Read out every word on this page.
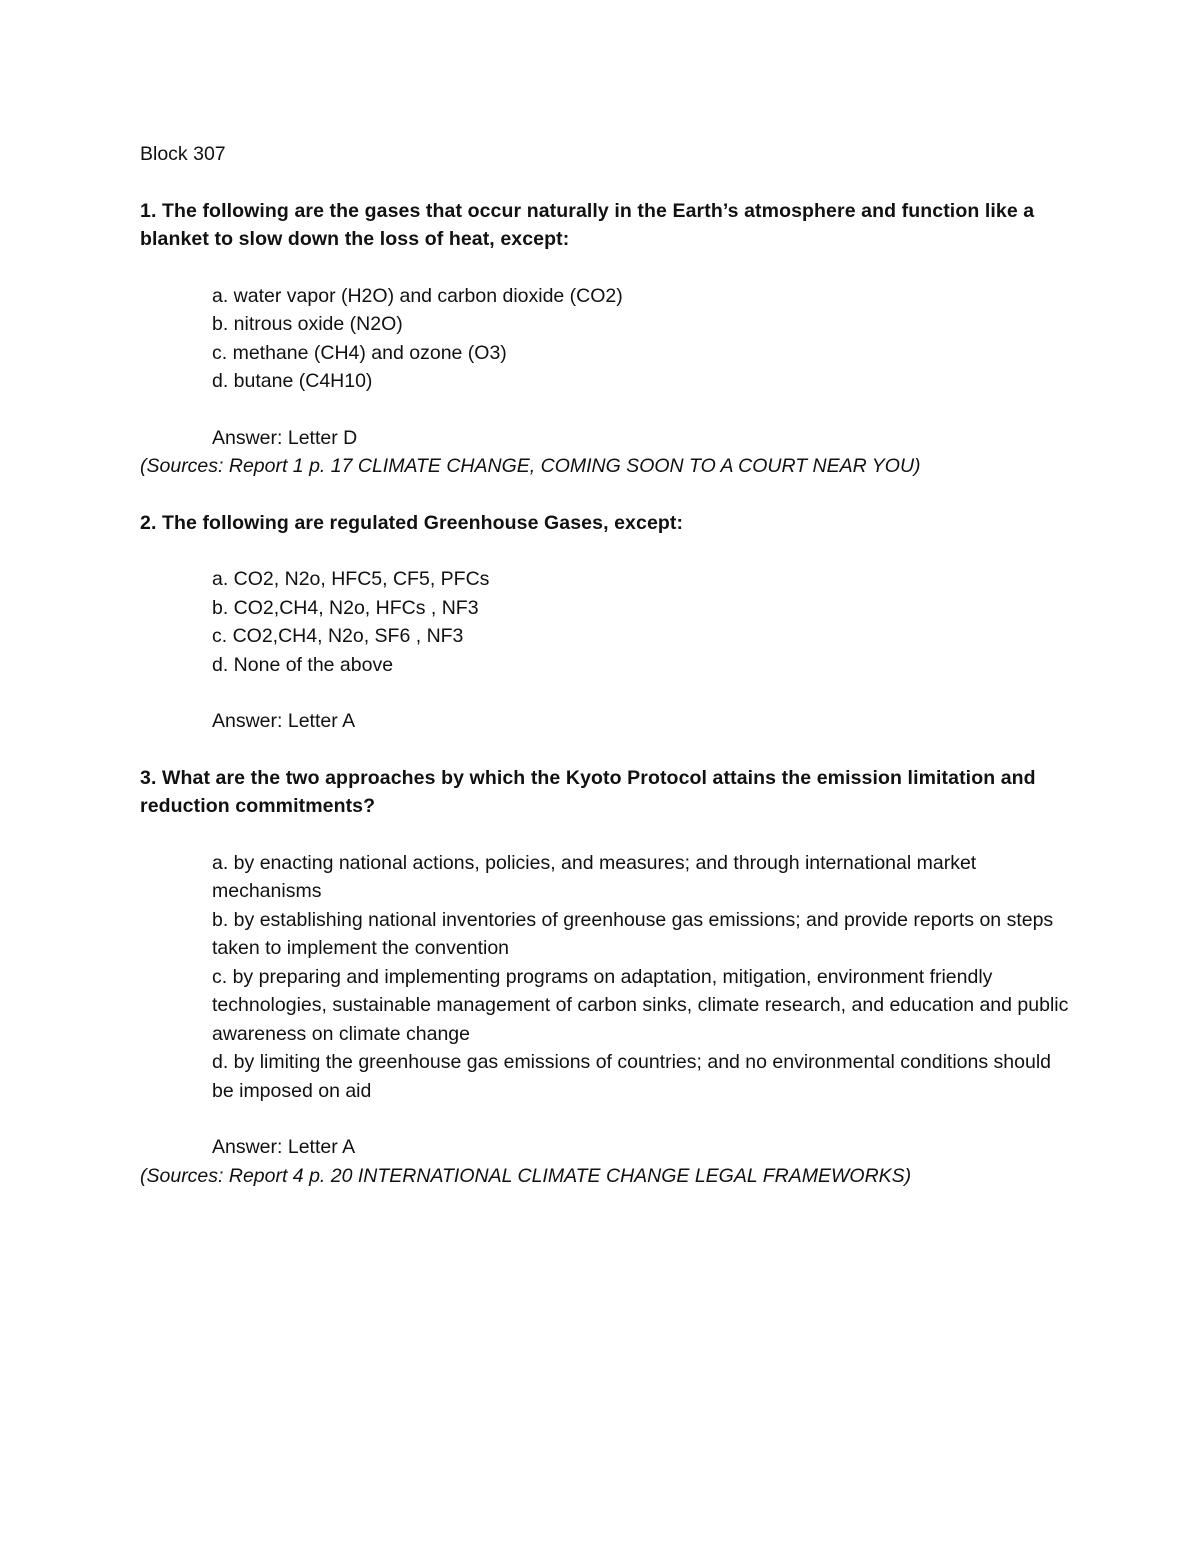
Block 307

1. The following are the gases that occur naturally in the Earth’s atmosphere and function like a blanket to slow down the loss of heat, except:

a. water vapor (H2O) and carbon dioxide (CO2)
b. nitrous oxide (N2O)
c. methane (CH4) and ozone (O3)
d. butane (C4H10)

Answer: Letter D

(Sources: Report 1 p. 17 CLIMATE CHANGE, COMING SOON TO A COURT NEAR YOU)

2. The following are regulated Greenhouse Gases, except:

a. CO2, N2o, HFC5, CF5, PFCs
b. CO2,CH4, N2o, HFCs , NF3
c. CO2,CH4, N2o, SF6 , NF3
d. None of the above

Answer: Letter A

3. What are the two approaches by which the Kyoto Protocol attains the emission limitation and reduction commitments?

a. by enacting national actions, policies, and measures; and through international market mechanisms
b. by establishing national inventories of greenhouse gas emissions; and provide reports on steps taken to implement the convention
c. by preparing and implementing programs on adaptation, mitigation, environment friendly technologies, sustainable management of carbon sinks, climate research, and education and public awareness on climate change
d. by limiting the greenhouse gas emissions of countries; and no environmental conditions should be imposed on aid

Answer: Letter A

(Sources: Report 4 p. 20 INTERNATIONAL CLIMATE CHANGE LEGAL FRAMEWORKS)
